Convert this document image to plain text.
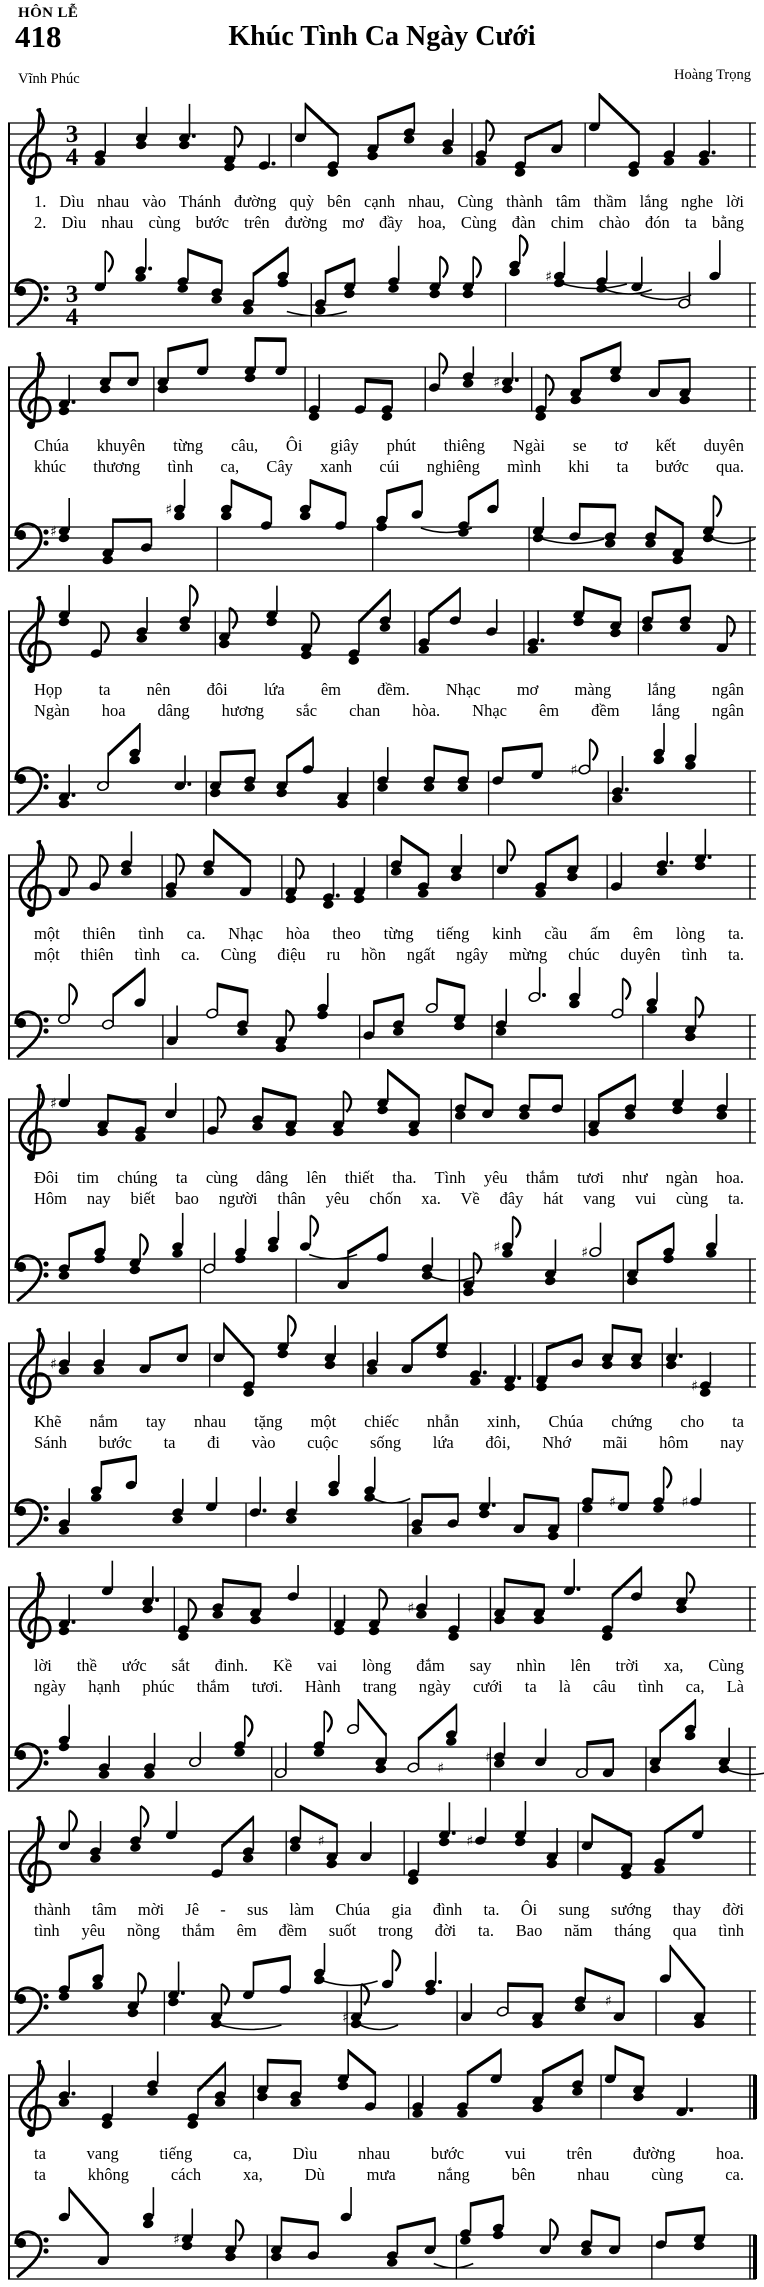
HÔN LỄ
418	Khúc Tình Ca Ngày Cưới
Vĩnh Phúc	Hoàng Trọng
3
4
1. Dìu nhau vào Thánh đường quỳ bên cạnh nhau, Cùng thành tâm thầm lắng nghe lời
2. Dìu nhau cùng bước trên đường mơ đầy hoa, Cùng đàn chim chào đón ta bằng
3
4
♯
♯
Chúa khuyên từng câu, Ôi giây phút thiêng Ngài se tơ kết duyên
khúc thương tình ca, Cây xanh cúi nghiêng mình khi ta bước qua.
♯
♯
Họp ta nên đôi lứa êm đềm. Nhạc mơ màng lắng ngân
Ngàn hoa dâng hương sắc chan hòa. Nhạc êm đềm lắng ngân
♯
một thiên tình ca. Nhạc hòa theo từng tiếng kinh cầu ấm êm lòng ta.
một thiên tình ca. Cùng điệu ru hồn ngất ngây mừng chúc duyên tình ta.
♯
Đôi tim chúng ta cùng dâng lên thiết tha. Tình yêu thắm tươi như ngàn hoa.
Hôm nay biết bao người thân yêu chốn xa. Về đây hát vang vui cùng ta.
♯	♯
♯
♯
Khẽ nắm tay nhau tặng một chiếc nhẫn xinh, Chúa chứng cho ta
Sánh bước ta đi vào cuộc sống lứa đôi, Nhớ mãi hôm nay
♯	♯
♯
lời thề ước sắt đinh. Kề vai lòng đắm say nhìn lên trời xa, Cùng
ngày hạnh phúc thắm tươi. Hành trang ngày cưới ta là câu tình ca, Là
♯
♯
♯	♯
thành tâm mời Jê - sus làm Chúa gia đình ta. Ôi sung sướng thay đời
tình yêu nồng thắm êm đềm suốt trong đời ta. Bao năm tháng qua tình
♯
♯
ta vang tiếng ca, Dìu nhau bước vui trên đường hoa.
ta không cách xa, Dù mưa nắng bên nhau cùng ca.
♯
